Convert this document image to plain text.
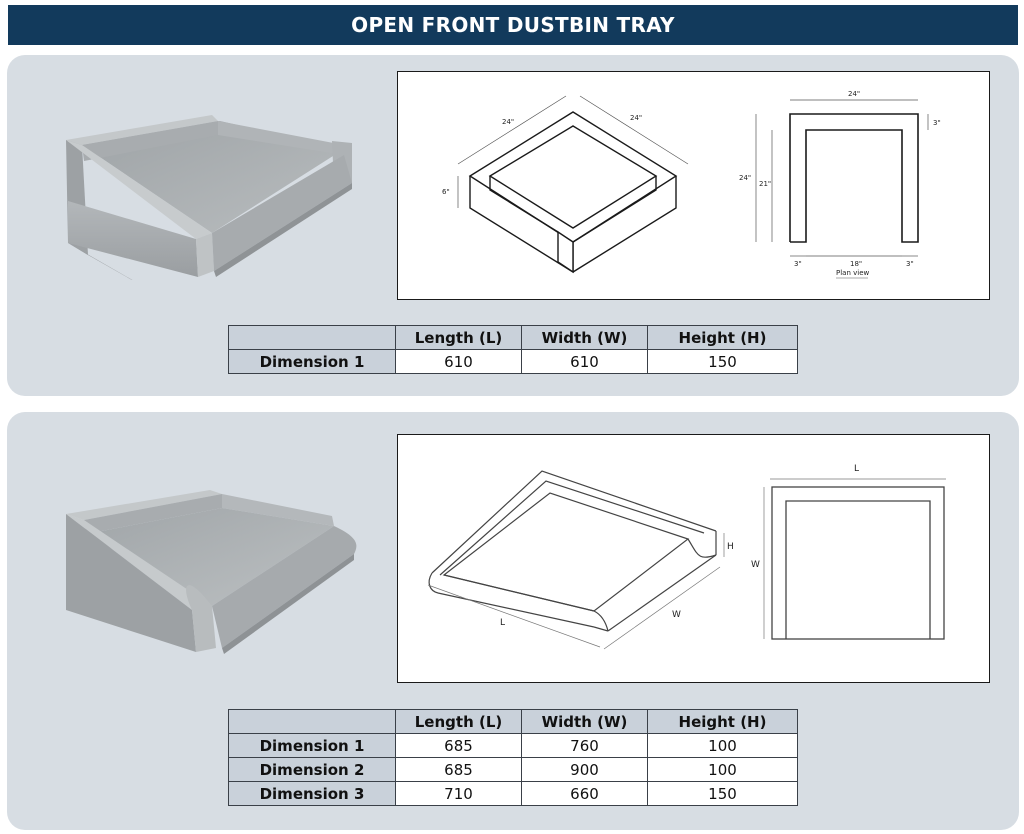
OPEN FRONT DUSTBIN TRAY
24"	24"
6"
24"
3"
24"
21"
3"	18"	3"
Plan view
	Length (L)	Width (W)	Height (H)
Dimension 1	610	610	150
L
W
H
L
W
	Length (L)	Width (W)	Height (H)
Dimension 1	685	760	100
Dimension 2	685	900	100
Dimension 3	710	660	150
